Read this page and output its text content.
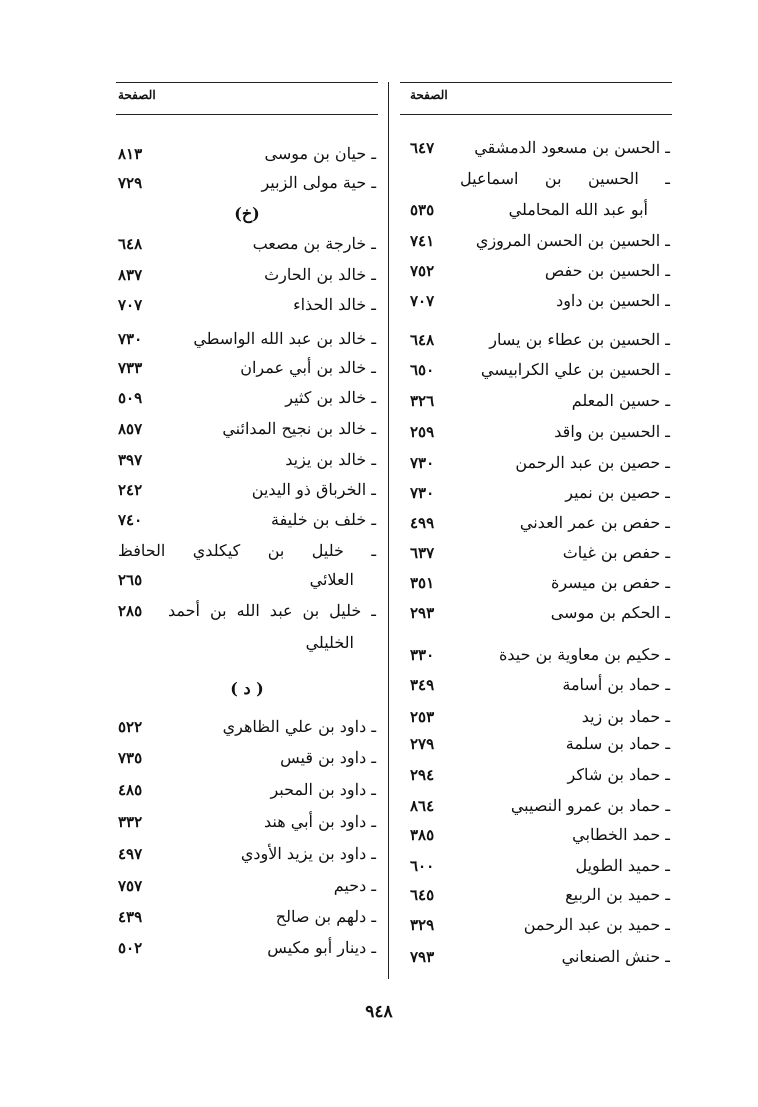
الصفحة
الصفحة
ـ الحسن بن مسعود الدمشقي
٦٤٧
ـ الحسين بن اسماعيل
أبو عبد الله المحاملي
٥٣٥
ـ الحسين بن الحسن المروزي
٧٤١
ـ الحسين بن حفص
٧٥٢
ـ الحسين بن داود
٧٠٧
ـ الحسين بن عطاء بن يسار
٦٤٨
ـ الحسين بن علي الكرابيسي
٦٥٠
ـ حسين المعلم
٣٢٦
ـ الحسين بن واقد
٢٥٩
ـ حصين بن عبد الرحمن
٧٣٠
ـ حصين بن نمير
٧٣٠
ـ حفص بن عمر العدني
٤٩٩
ـ حفص بن غياث
٦٣٧
ـ حفص بن ميسرة
٣٥١
ـ الحكم بن موسى
٢٩٣
ـ حكيم بن معاوية بن حيدة
٣٣٠
ـ حماد بن أسامة
٣٤٩
ـ حماد بن زيد
٢٥٣
ـ حماد بن سلمة
٢٧٩
ـ حماد بن شاكر
٢٩٤
ـ حماد بن عمرو النصيبي
٨٦٤
ـ حمد الخطابي
٣٨٥
ـ حميد الطويل
٦٠٠
ـ حميد بن الربيع
٦٤٥
ـ حميد بن عبد الرحمن
٣٢٩
ـ حنش الصنعاني
٧٩٣
ـ حيان بن موسى
٨١٣
ـ حية مولى الزبير
٧٢٩
(خ)
ـ خارجة بن مصعب
٦٤٨
ـ خالد بن الحارث
٨٣٧
ـ خالد الحذاء
٧٠٧
ـ خالد بن عبد الله الواسطي
٧٣٠
ـ خالد بن أبي عمران
٧٣٣
ـ خالد بن كثير
٥٠٩
ـ خالد بن نجيح المدائني
٨٥٧
ـ خالد بن يزيد
٣٩٧
ـ الخرباق ذو اليدين
٢٤٢
ـ خلف بن خليفة
٧٤٠
ـ خليل بن كيكلدي الحافظ
العلائي
٢٦٥
ـ خليل بن عبد الله بن أحمد
٢٨٥
الخليلي
( د )
ـ داود بن علي الظاهري
٥٢٢
ـ داود بن قيس
٧٣٥
ـ داود بن المحبر
٤٨٥
ـ داود بن أبي هند
٣٣٢
ـ داود بن يزيد الأودي
٤٩٧
ـ دحيم
٧٥٧
ـ دلهم بن صالح
٤٣٩
ـ دينار أبو مكيس
٥٠٢
٩٤٨
